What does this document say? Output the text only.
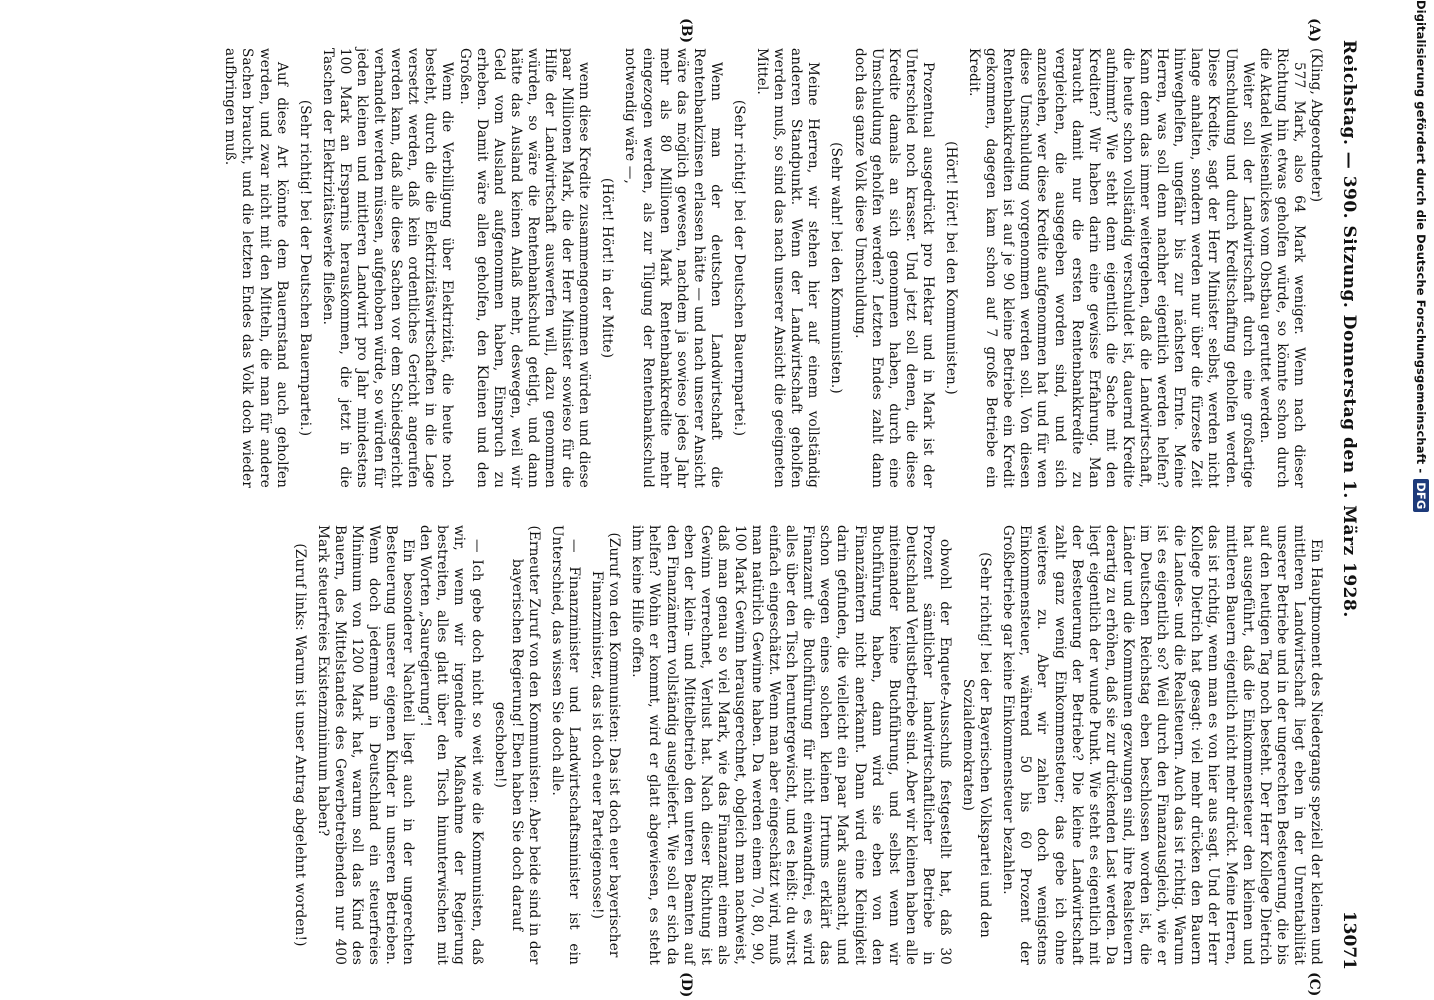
Digitalisierung gefördert durch die Deutsche Forschungsgemeinschaft -
DFG
Reichstag. — 390. Sitzung. Donnerstag den 1. März 1928.
13071
(A)
(B)
(C)
(D)

(Kling, Abgeordneter)

577 Mark, also 64 Mark weniger. Wenn nach dieser Richtung hin etwas geholfen würde, so könnte schon durch die Aktadel Weisenlickes vom Obstbau geruttet werden.

Weiter soll der Landwirtschaft durch eine großartige Umschuldung und durch Kreditschaffung geholfen werden. Diese Kredite, sagt der Herr Minister selbst, werden nicht lange anhalten, sondern werden nur über die fürzeste Zeit hinweghelfen, ungefähr bis zur nächsten Ernte. Meine Herren, was soll denn nachher eigentlich werden helfen? Kann denn das immer weitergehen, daß die Landwirtschaft, die heute schon vollständig verschuldet ist, dauernd Kredite aufnimmt? Wie steht denn eigentlich die Sache mit den Krediten? Wir haben darin eine gewisse Erfahrung. Man braucht damit nur die ersten Rentenbankkredite zu vergleichen, die ausgegeben worden sind, und sich anzusehen, wer diese Kredite aufgenommen hat und für wen diese Umschuldung vorgenommen werden soll. Von diesen Rentenbankkrediten ist auf je 90 kleine Betriebe ein Kredit gekommen, dagegen kam schon auf 7 große Betriebe ein Kredit.

(Hört! Hört! bei den Kommunisten.)

Prozentual ausgedrückt pro Hektar und in Mark ist der Unterschied noch krasser. Und jetzt soll denen, die diese Kredite damals an sich genommen haben, durch eine Umschuldung geholfen werden? Letzten Endes zahlt dann doch das ganze Volk diese Umschuldung.

(Sehr wahr! bei den Kommunisten.)

Meine Herren, wir stehen hier auf einem vollständig anderen Standpunkt. Wenn der Landwirtschaft geholfen werden muß, so sind das nach unserer Ansicht die geeigneten Mittel.

(Sehr richtig! bei der Deutschen Bauernpartei.)

Wenn man der deutschen Landwirtschaft die Rentenbankzinsen erlassen hätte — und nach unserer Ansicht wäre das möglich gewesen, nachdem ja sowieso jedes Jahr mehr als 80 Millionen Mark Rentenbankkredite mehr eingezogen werden, als zur Tilgung der Rentenbankschuld notwendig wäre —,

(Hört! Hört! in der Mitte)

wenn diese Kredite zusammengenommen würden und diese paar Millionen Mark, die der Herr Minister sowieso für die Hilfe der Landwirtschaft auswerfen will, dazu genommen würden, so wäre die Rentenbankschuld getilgt, und dann hätte das Ausland keinen Anlaß mehr, deswegen, weil wir Geld vom Ausland aufgenommen haben, Einspruch zu erheben. Damit wäre allen geholfen, den Kleinen und den Großen.

Wenn die Verbilligung über Elektrizität, die heute noch besteht, durch die die Elektrizitätswirtschaften in die Lage versetzt werden, daß kein ordentliches Gericht angerufen werden kann, daß alle diese Sachen vor dem Schiedsgericht verhandelt werden müssen, aufgehoben würde, so würden für jeden kleinen und mittleren Landwirt pro Jahr mindestens 100 Mark an Ersparnis herauskommen, die jetzt in die Taschen der Elektrizitätswerke fließen.

(Sehr richtig! bei der Deutschen Bauernpartei.)

Auf diese Art könnte dem Bauernstand auch geholfen werden, und zwar nicht mit den Mitteln, die man für andere Sachen braucht, und die letzten Endes das Volk doch wieder aufbringen muß.

Ein Hauptmoment des Niedergangs speziell der kleinen und mittleren Landwirtschaft liegt eben in der Unrentabilität unserer Betriebe und in der ungerechten Besteuerung, die bis auf den heutigen Tag noch besteht. Der Herr Kollege Dietrich hat ausgeführt, daß die Einkommensteuer den kleinen und mittleren Bauern eigentlich nicht mehr drückt. Meine Herren, das ist richtig, wenn man es von hier aus sagt. Und der Herr Kollege Dietrich hat gesagt: viel mehr drücken den Bauern die Landes- und die Realsteuern. Auch das ist richtig. Warum ist es eigentlich so? Weil durch den Finanzausgleich, wie er im Deutschen Reichstag eben beschlossen worden ist, die Länder und die Kommunen gezwungen sind, ihre Realsteuern derartig zu erhöhen, daß sie zur drückenden Last werden. Da liegt eigentlich der wunde Punkt. Wie steht es eigentlich mit der Besteuerung der Betriebe? Die kleine Landwirtschaft zahlt ganz wenig Einkommensteuer; das gebe ich ohne weiteres zu. Aber wir zahlen doch wenigstens Einkommensteuer, während 50 bis 60 Prozent der Großbetriebe gar keine Einkommensteuer bezahlen.

(Sehr richtig! bei der Bayerischen Volkspartei und den Sozialdemokraten)

obwohl der Enquete-Ausschuß festgestellt hat, daß 30 Prozent sämtlicher landwirtschaftlicher Betriebe in Deutschland Verlustbetriebe sind. Aber wir kleinen haben alle miteinander keine Buchführung, und selbst wenn wir Buchführung haben, dann wird sie eben von den Finanzämtern nicht anerkannt. Dann wird eine Kleinigkeit darin gefunden, die vielleicht ein paar Mark ausmacht, und schon wegen eines solchen kleinen Irrtums erklärt das Finanzamt die Buchführung für nicht einwandfrei, es wird alles über den Tisch heruntergewischt, und es heißt: du wirst einfach eingeschätzt. Wenn man aber eingeschätzt wird, muß man natürlich Gewinne haben. Da werden einem 70, 80, 90, 100 Mark Gewinn herausgerechnet, obgleich man nachweist, daß man genau so viel Mark, wie das Finanzamt einem als Gewinn verrechnet, Verlust hat. Nach dieser Richtung ist eben der klein- und Mittelbetrieb den unteren Beamten auf den Finanzämtern vollständig ausgeliefert. Wie soll er sich da helfen? Wohin er kommt, wird er glatt abgewiesen, es steht ihm keine Hilfe offen.

(Zuruf von den Kommunisten: Das ist doch euer bayerischer Finanzminister, das ist doch euer Parteigenosse!)

— Finanzminister und Landwirtschaftsminister ist ein Unterschied, das wissen Sie doch alle.

(Erneuter Zuruf von den Kommunisten: Aber beide sind in der bayerischen Regierung! Eben haben Sie doch darauf geschoben!)

— Ich gebe doch nicht so weit wie die Kommunisten, daß wir, wenn wir irgendeine Maßnahme der Regierung bestreiten, alles glatt über den Tisch hinunterwischen mit den Worten „Sauregierung“!

Ein besonderer Nachteil liegt auch in der ungerechten Besteuerung unserer eigenen Kinder in unseren Betrieben. Wenn doch jedermann in Deutschland ein steuerfreies Minimum von 1200 Mark hat, warum soll das Kind des Bauern, des Mittelstandes des Gewerbetreibenden nur 400 Mark steuerfreies Existenzminimum haben?

(Zuruf links: Warum ist unser Antrag abgelehnt worden!)
